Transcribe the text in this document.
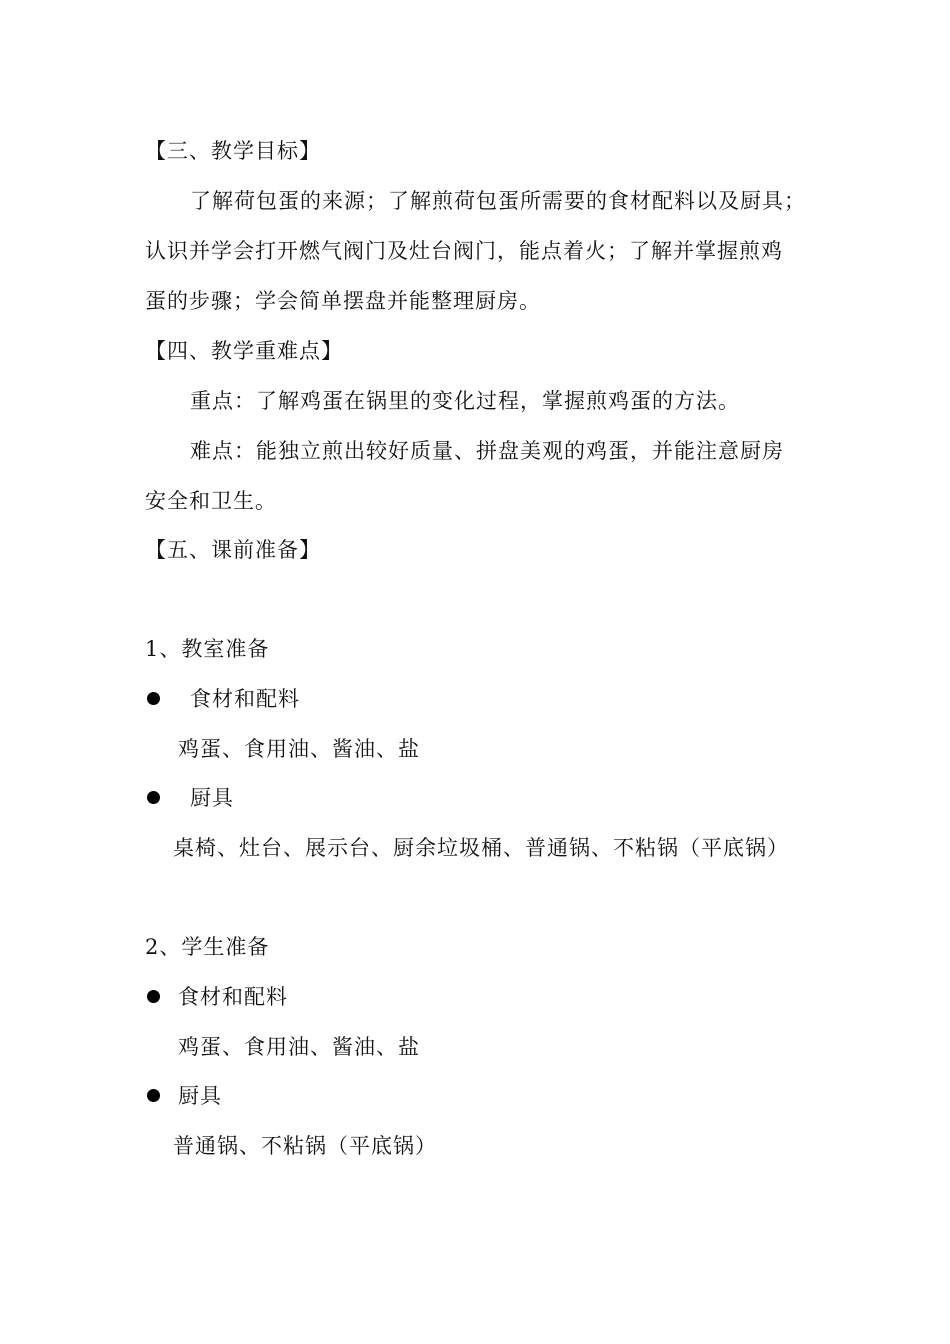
【三、教学目标】
了解荷包蛋的来源；了解煎荷包蛋所需要的食材配料以及厨具；
认识并学会打开燃气阀门及灶台阀门，能点着火；了解并掌握煎鸡
蛋的步骤；学会简单摆盘并能整理厨房。
【四、教学重难点】
重点：了解鸡蛋在锅里的变化过程，掌握煎鸡蛋的方法。
难点：能独立煎出较好质量、拼盘美观的鸡蛋，并能注意厨房
安全和卫生。
【五、课前准备】
1、教室准备
食材和配料
鸡蛋、食用油、酱油、盐
厨具
桌椅、灶台、展示台、厨余垃圾桶、普通锅、不粘锅（平底锅）
2、学生准备
食材和配料
鸡蛋、食用油、酱油、盐
厨具
普通锅、不粘锅（平底锅）
